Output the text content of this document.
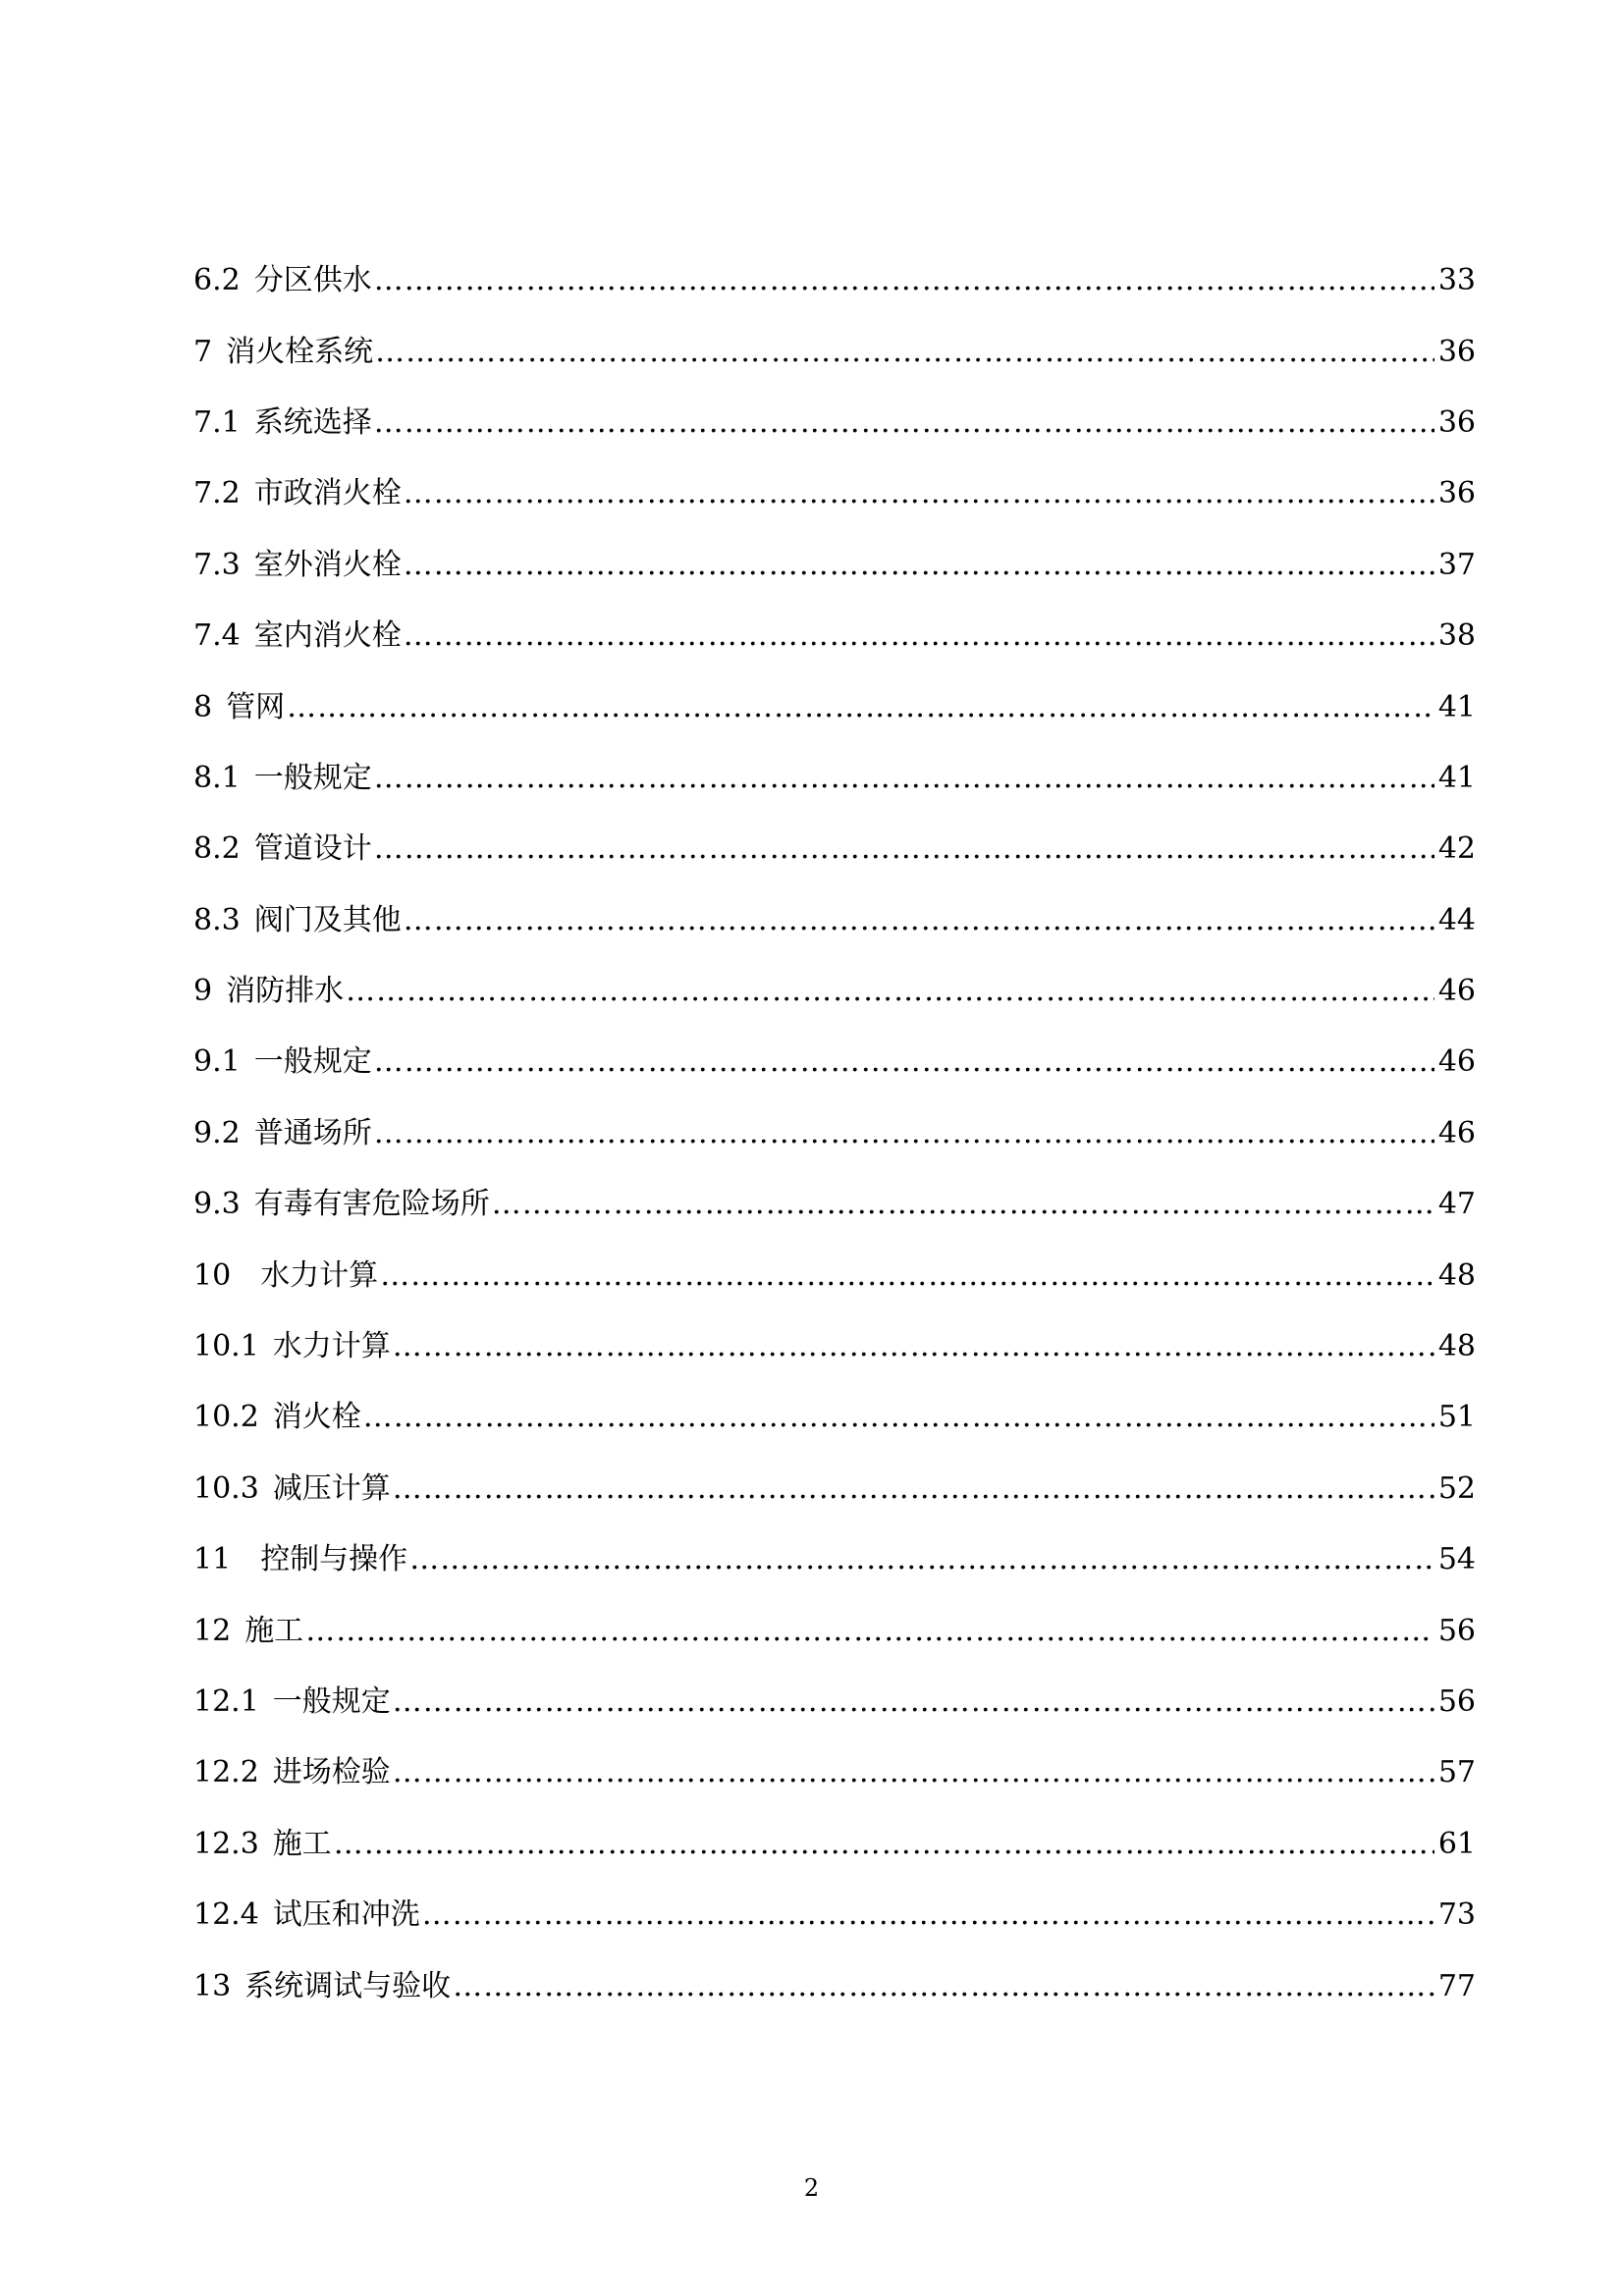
6.2 分区供水 …………………………………………………………………………………………………………………………………………………………………………………………	33
7 消火栓系统 …………………………………………………………………………………………………………………………………………………………………………………………	36
7.1 系统选择 …………………………………………………………………………………………………………………………………………………………………………………………	36
7.2 市政消火栓 …………………………………………………………………………………………………………………………………………………………………………………………	36
7.3 室外消火栓 …………………………………………………………………………………………………………………………………………………………………………………………	37
7.4 室内消火栓 …………………………………………………………………………………………………………………………………………………………………………………………	38
8 管网 …………………………………………………………………………………………………………………………………………………………………………………………	41
8.1 一般规定 …………………………………………………………………………………………………………………………………………………………………………………………	41
8.2 管道设计 …………………………………………………………………………………………………………………………………………………………………………………………	42
8.3 阀门及其他 …………………………………………………………………………………………………………………………………………………………………………………………	44
9 消防排水 …………………………………………………………………………………………………………………………………………………………………………………………	46
9.1 一般规定 …………………………………………………………………………………………………………………………………………………………………………………………	46
9.2 普通场所 …………………………………………………………………………………………………………………………………………………………………………………………	46
9.3 有毒有害危险场所 …………………………………………………………………………………………………………………………………………………………………………………………	47
10 水力计算 …………………………………………………………………………………………………………………………………………………………………………………………	48
10.1 水力计算 …………………………………………………………………………………………………………………………………………………………………………………………	48
10.2 消火栓 …………………………………………………………………………………………………………………………………………………………………………………………	51
10.3 减压计算 …………………………………………………………………………………………………………………………………………………………………………………………	52
11 控制与操作 …………………………………………………………………………………………………………………………………………………………………………………………	54
12 施工 …………………………………………………………………………………………………………………………………………………………………………………………	56
12.1 一般规定 …………………………………………………………………………………………………………………………………………………………………………………………	56
12.2 进场检验 …………………………………………………………………………………………………………………………………………………………………………………………	57
12.3 施工 …………………………………………………………………………………………………………………………………………………………………………………………	61
12.4 试压和冲洗 …………………………………………………………………………………………………………………………………………………………………………………………	73
13 系统调试与验收 …………………………………………………………………………………………………………………………………………………………………………………………	77
2
